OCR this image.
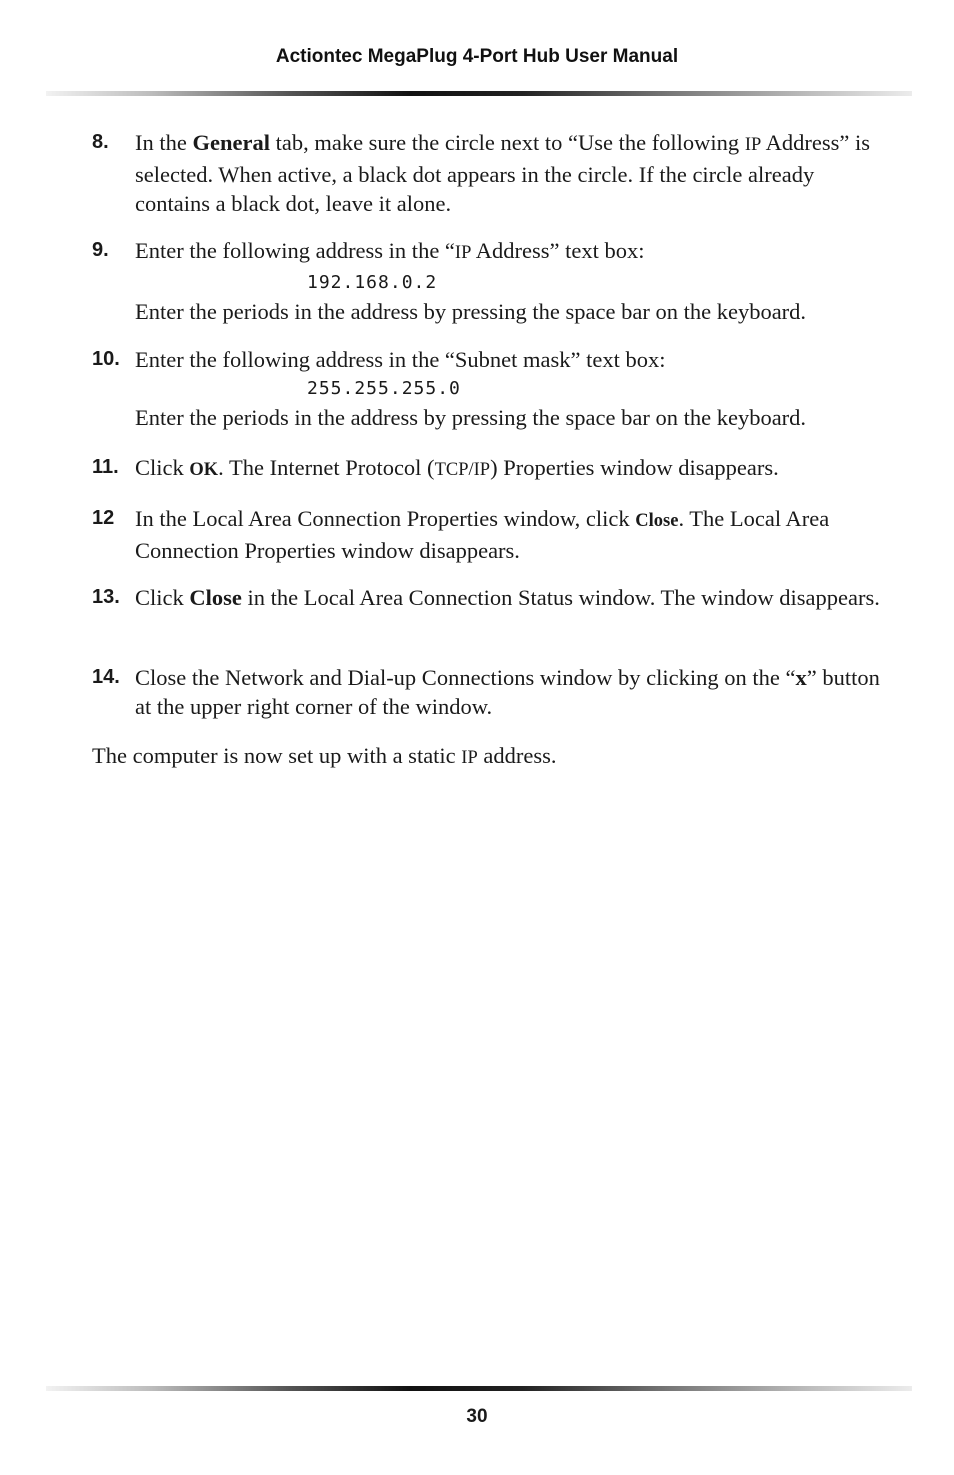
Actiontec MegaPlug 4-Port Hub User Manual
8. In the General tab, make sure the circle next to “Use the following IP Address” is selected. When active, a black dot appears in the circle. If the circle already contains a black dot, leave it alone.
9. Enter the following address in the “IP Address” text box:
192.168.0.2
Enter the periods in the address by pressing the space bar on the keyboard.
10. Enter the following address in the “Subnet mask” text box:
255.255.255.0
Enter the periods in the address by pressing the space bar on the keyboard.
11. Click OK. The Internet Protocol (TCP/IP) Properties window disappears.
12 In the Local Area Connection Properties window, click Close. The Local Area Connection Properties window disappears.
13. Click Close in the Local Area Connection Status window. The window disappears.
14. Close the Network and Dial-up Connections window by clicking on the “x” button at the upper right corner of the window.
The computer is now set up with a static IP address.
30
